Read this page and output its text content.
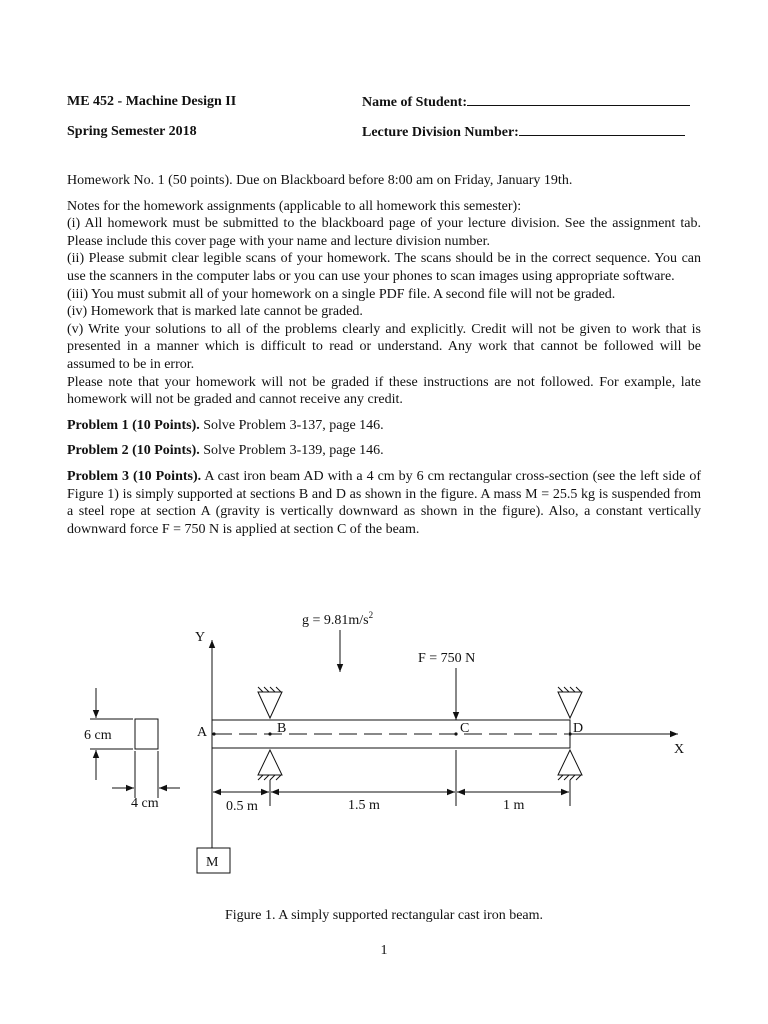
ME 452 - Machine Design II	Name of Student:
Spring Semester 2018	Lecture Division Number:

Homework No. 1 (50 points). Due on Blackboard before 8:00 am on Friday, January 19th.

Notes for the homework assignments (applicable to all homework this semester):

(i) All homework must be submitted to the blackboard page of your lecture division. See the assignment tab. Please include this cover page with your name and lecture division number.

(ii) Please submit clear legible scans of your homework. The scans should be in the correct sequence. You can use the scanners in the computer labs or you can use your phones to scan images using appropriate software.

(iii) You must submit all of your homework on a single PDF file. A second file will not be graded.

(iv) Homework that is marked late cannot be graded.

(v) Write your solutions to all of the problems clearly and explicitly. Credit will not be given to work that is presented in a manner which is difficult to read or understand. Any work that cannot be followed will be assumed to be in error.

Please note that your homework will not be graded if these instructions are not followed. For example, late homework will not be graded and cannot receive any credit.

Problem 1 (10 Points). Solve Problem 3-137, page 146.

Problem 2 (10 Points). Solve Problem 3-139, page 146.

Problem 3 (10 Points). A cast iron beam AD with a 4 cm by 6 cm rectangular cross-section (see the left side of Figure 1) is simply supported at sections B and D as shown in the figure. A mass M = 25.5 kg is suspended from a steel rope at section A (gravity is vertically downward as shown in the figure). Also, a constant vertically downward force F = 750 N is applied at section C of the beam.

$g = 9.81m/s^2$
F = 750 N
Y
X
A	B	C	D
6 cm
4 cm	0.5 m	1.5 m	1 m
M
Figure 1. A simply supported rectangular cast iron beam.
1
